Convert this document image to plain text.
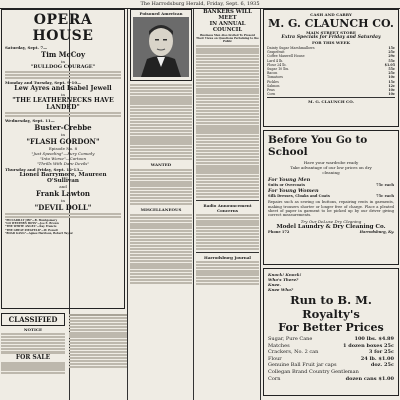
The Harrodsburg Herald, Friday, Sept. 6, 1935
OPERA HOUSE
Saturday, Sept. 7—
Tim McCoy
in
"BULLDOG COURAGE"
Monday and Tuesday, Sept. 9-10—
Lew Ayres and Isabel Jewell
in
"THE LEATHERNECKS HAVE
LANDED"
Wednesday, Sept. 11—
Buster-Crebbe
in
"FLASH GORDON"
Episode No. 8
"Just Speeding"—Pury Comedy
"Into Worse"—Cartoon
"Thrills With Dare Devils"
Thursday and Friday, Sept. 12-13—
Lionel Barrymore, Maureen O'Sullivan
and
Frank Lawton
in
"DEVIL DOLL"
"PICCADILLY JIM"—R. Montgomery
"GO WESTERN BOYS"—Joe E. Brown
"THE WHITE ANGEL"—Kay Francis
"THE GREAT ZIEGFELD"—W. Powell
"ROAD GANG"—Agnes Harrison, Robert Taylor
CLASSIFIED
NOTICE
FOR SALE
Poisoned American
WANTED
MISCELLANEOUS
BANKERS WILL MEET
IN ANNUAL COUNCIL
Business Men Also Invited To Present Their Views on Questions Pertaining to the Public
Radio Announcement Concerns
Harrodsburg Journal
CASH AND CARRY
M. G. CLAUNCH CO.
MAIN STREET STORE
Extra Specials for Friday and Saturday
FOR THIS WEEK
Dainty Sugar Marshmallows	15c
Grapefruit	25c
Coffee Maxwell House	29c
Lard 4 lb.	55c
Flour 24 lb.	$1.05
Sugar 10 lbs.	55c
Bacon	25c
Tomatoes	10c
Pickles	15c
Salmon	12c
Peas	10c
Corn	10c
M. G. CLAUNCH CO.
Before You Go to School
Have your wardrobe ready
Take advantage of our low prices on dry
cleaning
For Young Men
Suits or Overcoats	75c each
For Young Women
Silk Dresses, Cloaks and Coats	75c each
Repairs such as sewing on buttons, repairing rents in garments, making trousers shorter or longer free of charge. Place a pleated sheet of paper in garment to be picked up by our driver giving correct measurements.
Try Our DeLuxe Dry Cleaning
Model Laundry & Dry Cleaning Co.
Phone 172	Harrodsburg, Ky.
Knock! Knock!
Who's There?
Knee.
Knee Who?
Run to B. M. Royalty's
For Better Prices
Sugar, Pure Cane	100 lbs. $4.89
Matches	1 dozen boxes 25c
Crackers, No. 2 can	3 for 25c
Flour	24 lb. $1.00
Genuine Ball Fruit jar caps	doz. 25c
Collegan Brand Country Gentleman
Corn	dozen cans $1.00
